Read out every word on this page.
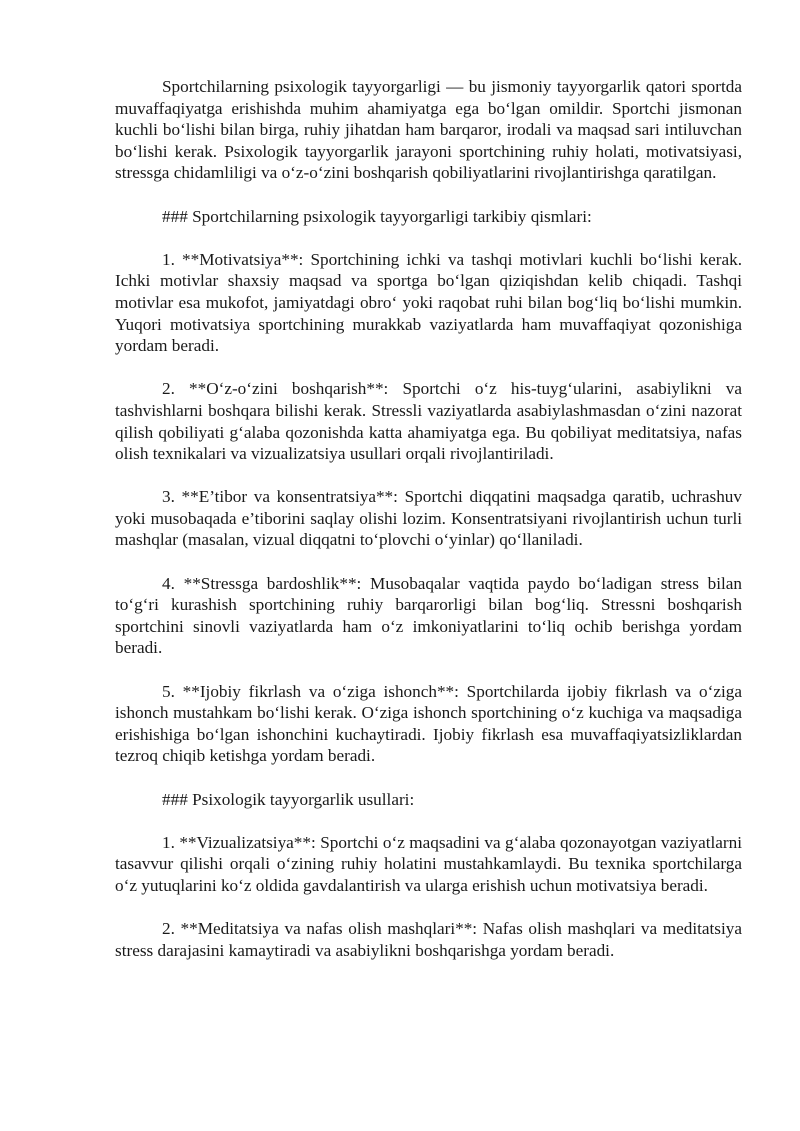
Sportchilarning psixologik tayyorgarligi — bu jismoniy tayyorgarlik qatori sportda muvaffaqiyatga erishishda muhim ahamiyatga ega boʻlgan omildir. Sportchi jismonan kuchli boʻlishi bilan birga, ruhiy jihatdan ham barqaror, irodali va maqsad sari intiluvchan boʻlishi kerak. Psixologik tayyorgarlik jarayoni sportchining ruhiy holati, motivatsiyasi, stressga chidamliligi va oʻz-oʻzini boshqarish qobiliyatlarini rivojlantirishga qaratilgan.

### Sportchilarning psixologik tayyorgarligi tarkibiy qismlari:

1. **Motivatsiya**: Sportchining ichki va tashqi motivlari kuchli boʻlishi kerak. Ichki motivlar shaxsiy maqsad va sportga boʻlgan qiziqishdan kelib chiqadi. Tashqi motivlar esa mukofot, jamiyatdagi obroʻ yoki raqobat ruhi bilan bogʻliq boʻlishi mumkin. Yuqori motivatsiya sportchining murakkab vaziyatlarda ham muvaffaqiyat qozonishiga yordam beradi.

2. **Oʻz-oʻzini boshqarish**: Sportchi oʻz his-tuygʻularini, asabiylikni va tashvishlarni boshqara bilishi kerak. Stressli vaziyatlarda asabiylashmasdan oʻzini nazorat qilish qobiliyati gʻalaba qozonishda katta ahamiyatga ega. Bu qobiliyat meditatsiya, nafas olish texnikalari va vizualizatsiya usullari orqali rivojlantiriladi.

3. **E’tibor va konsentratsiya**: Sportchi diqqatini maqsadga qaratib, uchrashuv yoki musobaqada e’tiborini saqlay olishi lozim. Konsentratsiyani rivojlantirish uchun turli mashqlar (masalan, vizual diqqatni toʻplovchi oʻyinlar) qoʻllaniladi.

4. **Stressga bardoshlik**: Musobaqalar vaqtida paydo boʻladigan stress bilan toʻgʻri kurashish sportchining ruhiy barqarorligi bilan bogʻliq. Stressni boshqarish sportchini sinovli vaziyatlarda ham oʻz imkoniyatlarini toʻliq ochib berishga yordam beradi.

5. **Ijobiy fikrlash va oʻziga ishonch**: Sportchilarda ijobiy fikrlash va oʻziga ishonch mustahkam boʻlishi kerak. Oʻziga ishonch sportchining oʻz kuchiga va maqsadiga erishishiga boʻlgan ishonchini kuchaytiradi. Ijobiy fikrlash esa muvaffaqiyatsizliklardan tezroq chiqib ketishga yordam beradi.

### Psixologik tayyorgarlik usullari:

1. **Vizualizatsiya**: Sportchi oʻz maqsadini va gʻalaba qozonayotgan vaziyatlarni tasavvur qilishi orqali oʻzining ruhiy holatini mustahkamlaydi. Bu texnika sportchilarga oʻz yutuqlarini koʻz oldida gavdalantirish va ularga erishish uchun motivatsiya beradi.

2. **Meditatsiya va nafas olish mashqlari**: Nafas olish mashqlari va meditatsiya stress darajasini kamaytiradi va asabiylikni boshqarishga yordam beradi.
